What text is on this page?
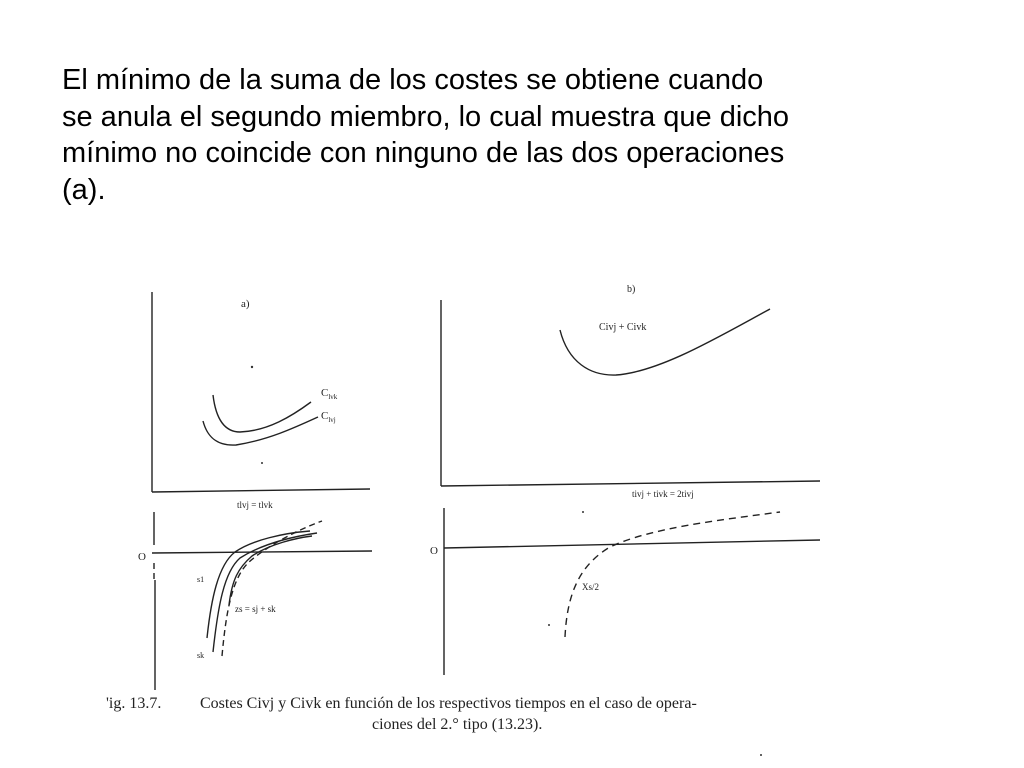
El mínimo de la suma de los costes se obtiene cuando
se anula el segundo miembro, lo cual muestra que dicho
mínimo no coincide con ninguno de las dos operaciones
(a).

a)
$C_{lvk}$
$C_{lvj}$
tlvj = tlvk
O
s1
sk
zs = sj + sk
b)
Civj + Civk
tivj + tivk = 2tivj
O
Xs/2
'ig. 13.7. Costes Civj y Civk en función de los respectivos tiempos en el caso de opera-
ciones del 2.° tipo (13.23).
